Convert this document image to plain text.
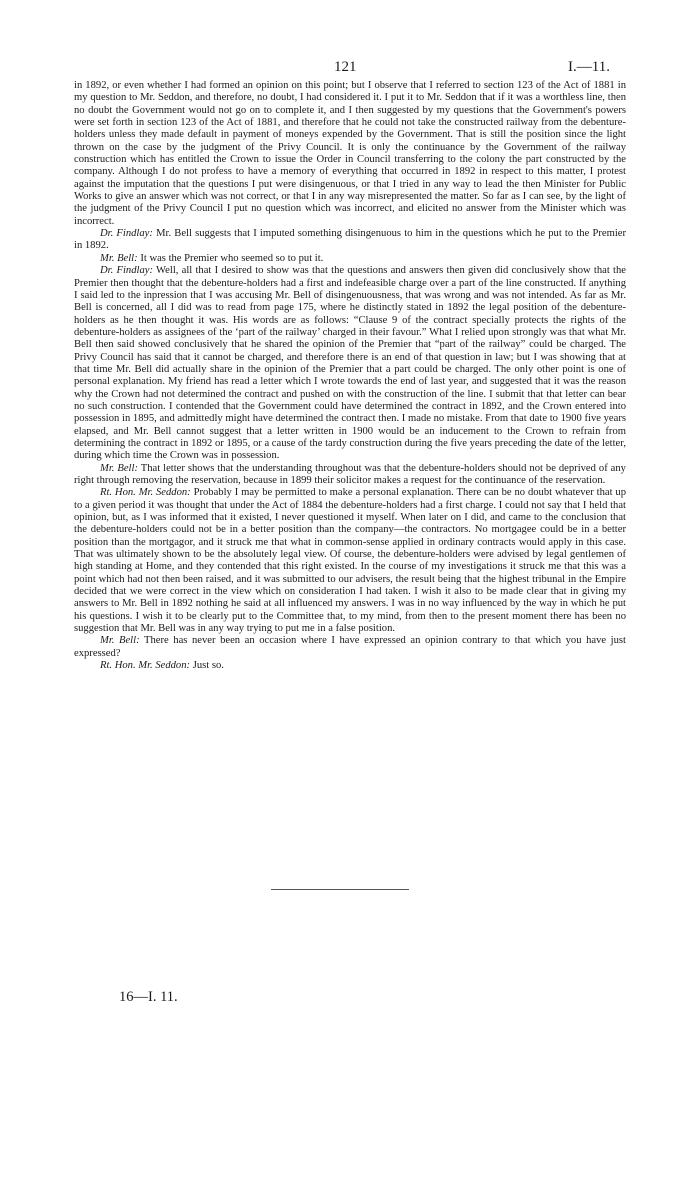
121	I.—11.

in 1892, or even whether I had formed an opinion on this point; but I observe that I referred to section 123 of the Act of 1881 in my question to Mr. Seddon, and therefore, no doubt, I had considered it. I put it to Mr. Seddon that if it was a worthless line, then no doubt the Government would not go on to complete it, and I then suggested by my questions that the Government's powers were set forth in section 123 of the Act of 1881, and therefore that he could not take the constructed railway from the debenture-holders unless they made default in payment of moneys expended by the Government. That is still the position since the light thrown on the case by the judgment of the Privy Council. It is only the continuance by the Government of the railway construction which has entitled the Crown to issue the Order in Council transferring to the colony the part constructed by the company. Although I do not profess to have a memory of everything that occurred in 1892 in respect to this matter, I protest against the imputation that the questions I put were disingenuous, or that I tried in any way to lead the then Minister for Public Works to give an answer which was not correct, or that I in any way misrepresented the matter. So far as I can see, by the light of the judgment of the Privy Council I put no question which was incorrect, and elicited no answer from the Minister which was incorrect.

Dr. Findlay: Mr. Bell suggests that I imputed something disingenuous to him in the questions which he put to the Premier in 1892.

Mr. Bell: It was the Premier who seemed so to put it.

Dr. Findlay: Well, all that I desired to show was that the questions and answers then given did conclusively show that the Premier then thought that the debenture-holders had a first and indefeasible charge over a part of the line constructed. If anything I said led to the inpression that I was accusing Mr. Bell of disingenuousness, that was wrong and was not intended. As far as Mr. Bell is concerned, all I did was to read from page 175, where he distinctly stated in 1892 the legal position of the debenture-holders as he then thought it was. His words are as follows: “Clause 9 of the contract specially protects the rights of the debenture-holders as assignees of the ‘part of the railway’ charged in their favour.” What I relied upon strongly was that what Mr. Bell then said showed conclusively that he shared the opinion of the Premier that “part of the railway” could be charged. The Privy Council has said that it cannot be charged, and therefore there is an end of that question in law; but I was showing that at that time Mr. Bell did actually share in the opinion of the Premier that a part could be charged. The only other point is one of personal explanation. My friend has read a letter which I wrote towards the end of last year, and suggested that it was the reason why the Crown had not determined the contract and pushed on with the construction of the line. I submit that that letter can bear no such construction. I contended that the Government could have determined the contract in 1892, and the Crown entered into possession in 1895, and admittedly might have determined the contract then. I made no mistake. From that date to 1900 five years elapsed, and Mr. Bell cannot suggest that a letter written in 1900 would be an inducement to the Crown to refrain from determining the contract in 1892 or 1895, or a cause of the tardy construction during the five years preceding the date of the letter, during which time the Crown was in possession.

Mr. Bell: That letter shows that the understanding throughout was that the debenture-holders should not be deprived of any right through removing the reservation, because in 1899 their solicitor makes a request for the continuance of the reservation.

Rt. Hon. Mr. Seddon: Probably I may be permitted to make a personal explanation. There can be no doubt whatever that up to a given period it was thought that under the Act of 1884 the debenture-holders had a first charge. I could not say that I held that opinion, but, as I was informed that it existed, I never questioned it myself. When later on I did, and came to the conclusion that the debenture-holders could not be in a better position than the company—the contractors. No mortgagee could be in a better position than the mortgagor, and it struck me that what in common-sense applied in ordinary contracts would apply in this case. That was ultimately shown to be the absolutely legal view. Of course, the debenture-holders were advised by legal gentlemen of high standing at Home, and they contended that this right existed. In the course of my investigations it struck me that this was a point which had not then been raised, and it was submitted to our advisers, the result being that the highest tribunal in the Empire decided that we were correct in the view which on consideration I had taken. I wish it also to be made clear that in giving my answers to Mr. Bell in 1892 nothing he said at all influenced my answers. I was in no way influenced by the way in which he put his questions. I wish it to be clearly put to the Committee that, to my mind, from then to the present moment there has been no suggestion that Mr. Bell was in any way trying to put me in a false position.

Mr. Bell: There has never been an occasion where I have expressed an opinion contrary to that which you have just expressed?

Rt. Hon. Mr. Seddon: Just so.

16—I. 11.
